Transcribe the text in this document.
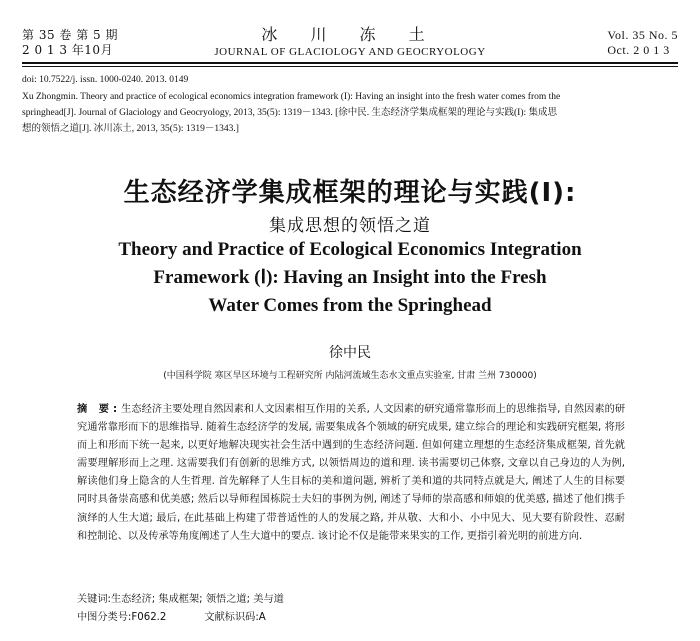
第 35 卷 第 5 期
2 0 1 3 年10月
冰 川 冻 土
JOURNAL OF GLACIOLOGY AND GEOCRYOLOGY
Vol. 35 No. 5
Oct. 2 0 1 3
doi: 10.7522/j. issn. 1000-0240. 2013. 0149
Xu Zhongmin. Theory and practice of ecological economics integration framework (I): Having an insight into the fresh water comes from the
springhead[J]. Journal of Glaciology and Geocryology, 2013, 35(5): 1319－1343. [徐中民. 生态经济学集成框架的理论与实践(I): 集成思
想的领悟之道[J]. 冰川冻土, 2013, 35(5): 1319－1343.]
生态经济学集成框架的理论与实践(Ⅰ):
集成思想的领悟之道
Theory and Practice of Ecological Economics Integration
Framework (Ⅰ): Having an Insight into the Fresh
Water Comes from the Springhead
徐中民
(中国科学院 寒区旱区环境与工程研究所 内陆河流域生态水文重点实验室, 甘肃 兰州 730000)
摘 要:生态经济主要处理自然因素和人文因素相互作用的关系, 人文因素的研究通常靠形而上的思维指导, 自然因素的研究通常靠形而下的思维指导. 随着生态经济学的发展, 需要集成各个领域的研究成果, 建立综合的理论和实践研究框架, 将形而上和形而下统一起来, 以更好地解决现实社会生活中遇到的生态经济问题. 但如何建立理想的生态经济集成框架, 首先就需要理解形而上之理. 这需要我们有创新的思维方式, 以领悟周边的道和理. 读书需要切己体察, 文章以自己身边的人为例, 解读他们身上隐含的人生哲理. 首先解释了人生目标的美和道问题, 辨析了美和道的共同特点就是大, 阐述了人生的目标要同时具备崇高感和优美感; 然后以导师程国栋院士夫妇的事例为例, 阐述了导师的崇高感和师娘的优美感, 描述了他们携手演绎的人生大道; 最后, 在此基础上构建了带普适性的人的发展之路, 并从敬、大和小、小中见大、见大要有阶段性、忍耐和控制论、以及传承等角度阐述了人生大道中的要点. 该讨论不仅是能带来果实的工作, 更指引着光明的前进方向.
关键词:生态经济; 集成框架; 领悟之道; 美与道
中图分类号:F062.2	文献标识码:A
